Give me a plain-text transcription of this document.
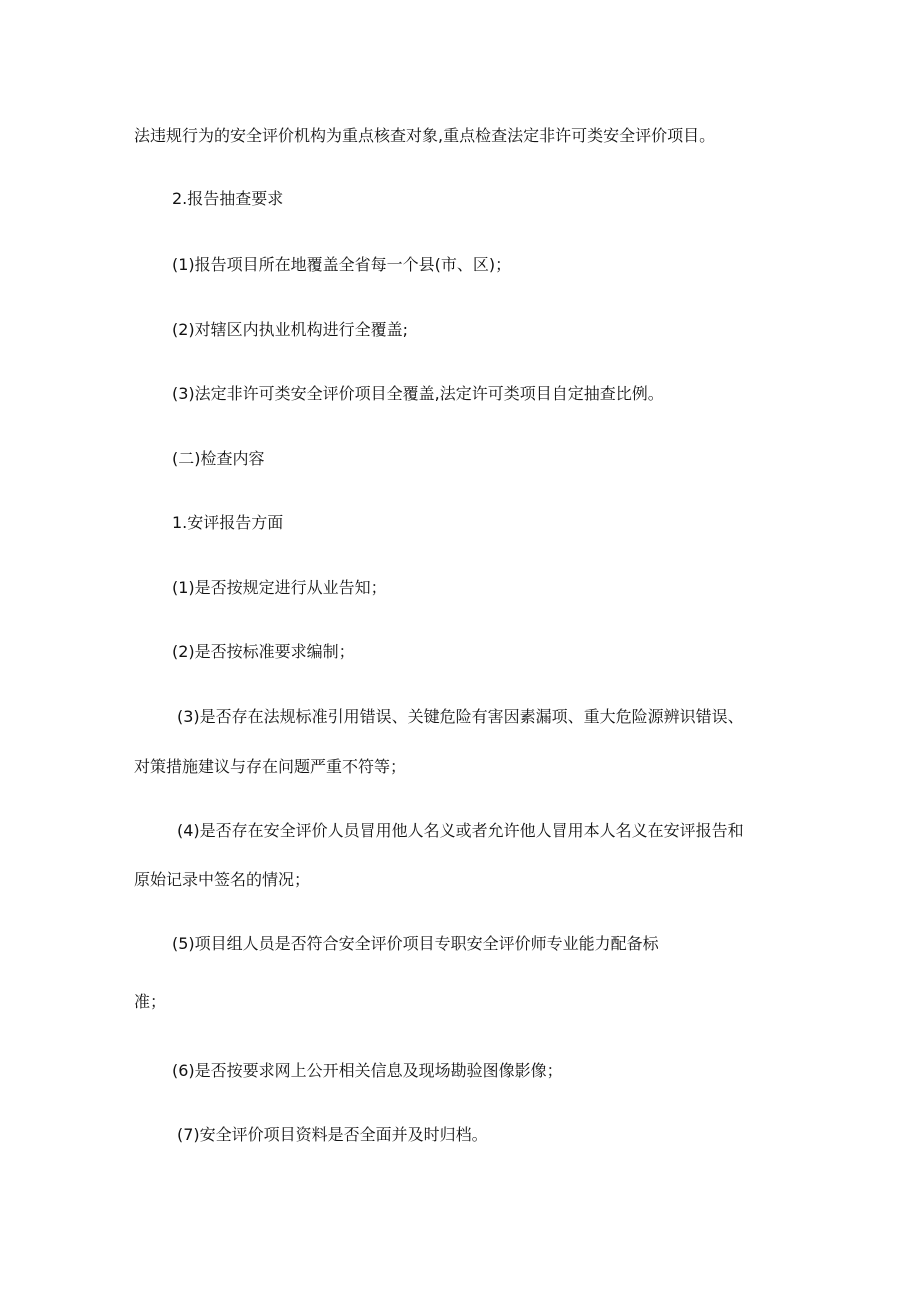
法违规行为的安全评价机构为重点核查对象,重点检查法定非许可类安全评价项目。
2.报告抽查要求
(1)报告项目所在地覆盖全省每一个县(市、区)；
(2)对辖区内执业机构进行全覆盖;
(3)法定非许可类安全评价项目全覆盖,法定许可类项目自定抽查比例。
(二)检查内容
1.安评报告方面
(1)是否按规定进行从业告知；
(2)是否按标准要求编制；
(3)是否存在法规标准引用错误、关键危险有害因素漏项、重大危险源辨识错误、
对策措施建议与存在问题严重不符等；
(4)是否存在安全评价人员冒用他人名义或者允许他人冒用本人名义在安评报告和
原始记录中签名的情况；
(5)项目组人员是否符合安全评价项目专职安全评价师专业能力配备标
准；
(6)是否按要求网上公开相关信息及现场勘验图像影像；
(7)安全评价项目资料是否全面并及时归档。
